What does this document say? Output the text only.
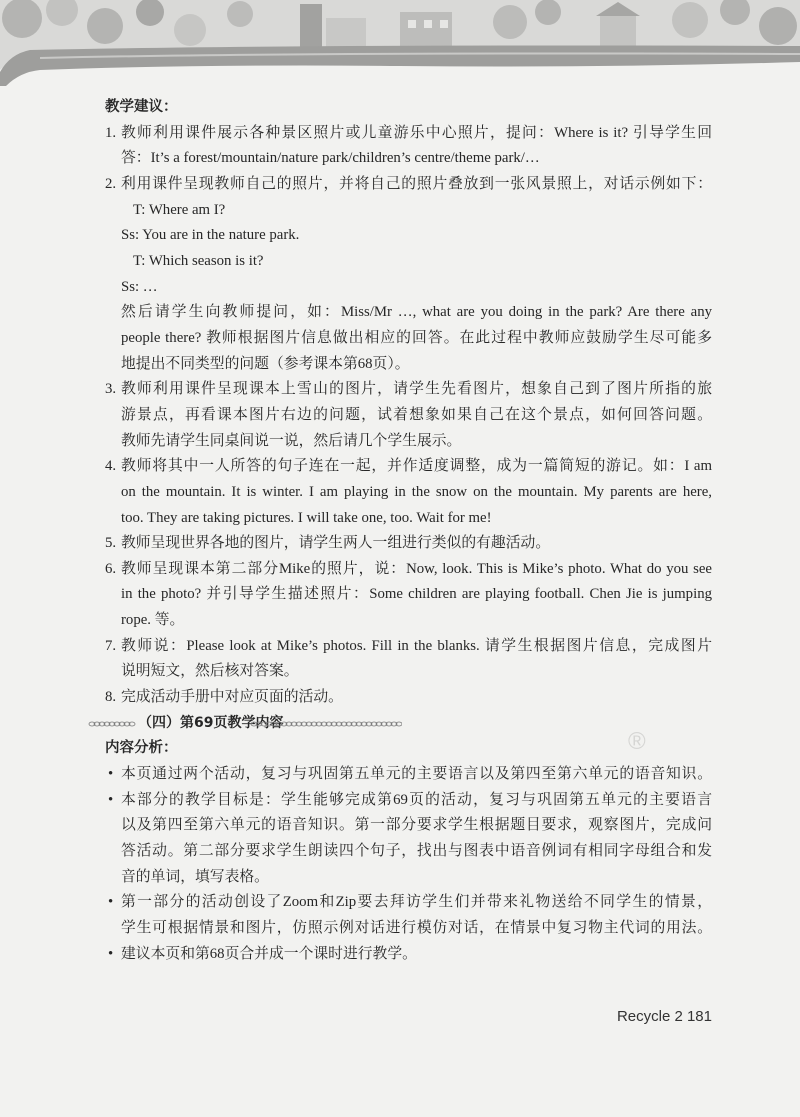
教学建议：
1. 教师利用课件展示各种景区照片或儿童游乐中心照片，提问：Where is it? 引导学生回
答：It’s a forest/mountain/nature park/children’s centre/theme park/…
2. 利用课件呈现教师自己的照片，并将自己的照片叠放到一张风景照上，对话示例如下：
T: Where am I?
Ss: You are in the nature park.
T: Which season is it?
Ss: …
然后请学生向教师提问，如：Miss/Mr …, what are you doing in the park? Are there any
people there? 教师根据图片信息做出相应的回答。在此过程中教师应鼓励学生尽可能多
地提出不同类型的问题（参考课本第68页）。
3. 教师利用课件呈现课本上雪山的图片，请学生先看图片，想象自己到了图片所指的旅
游景点，再看课本图片右边的问题，试着想象如果自己在这个景点，如何回答问题。
教师先请学生同桌间说一说，然后请几个学生展示。
4. 教师将其中一人所答的句子连在一起，并作适度调整，成为一篇简短的游记。如：I am
on the mountain. It is winter. I am playing in the snow on the mountain. My parents are here,
too. They are taking pictures. I will take one, too. Wait for me!
5. 教师呈现世界各地的图片，请学生两人一组进行类似的有趣活动。
6. 教师呈现课本第二部分Mike的照片，说：Now, look. This is Mike’s photo. What do you see
in the photo? 并引导学生描述照片：Some children are playing football. Chen Jie is jumping
rope. 等。
7. 教师说：Please look at Mike’s photos. Fill in the blanks. 请学生根据图片信息，完成图片
说明短文，然后核对答案。
8. 完成活动手册中对应页面的活动。
（四）第69页教学内容
内容分析：
• 本页通过两个活动，复习与巩固第五单元的主要语言以及第四至第六单元的语音知识。
• 本部分的教学目标是：学生能够完成第69页的活动，复习与巩固第五单元的主要语言
以及第四至第六单元的语音知识。第一部分要求学生根据题目要求，观察图片，完成问
答活动。第二部分要求学生朗读四个句子，找出与图表中语音例词有相同字母组合和发
音的单词，填写表格。
• 第一部分的活动创设了Zoom和Zip要去拜访学生们并带来礼物送给不同学生的情景，
学生可根据情景和图片，仿照示例对话进行模仿对话，在情景中复习物主代词的用法。
• 建议本页和第68页合并成一个课时进行教学。
®
Recycle 2 181
